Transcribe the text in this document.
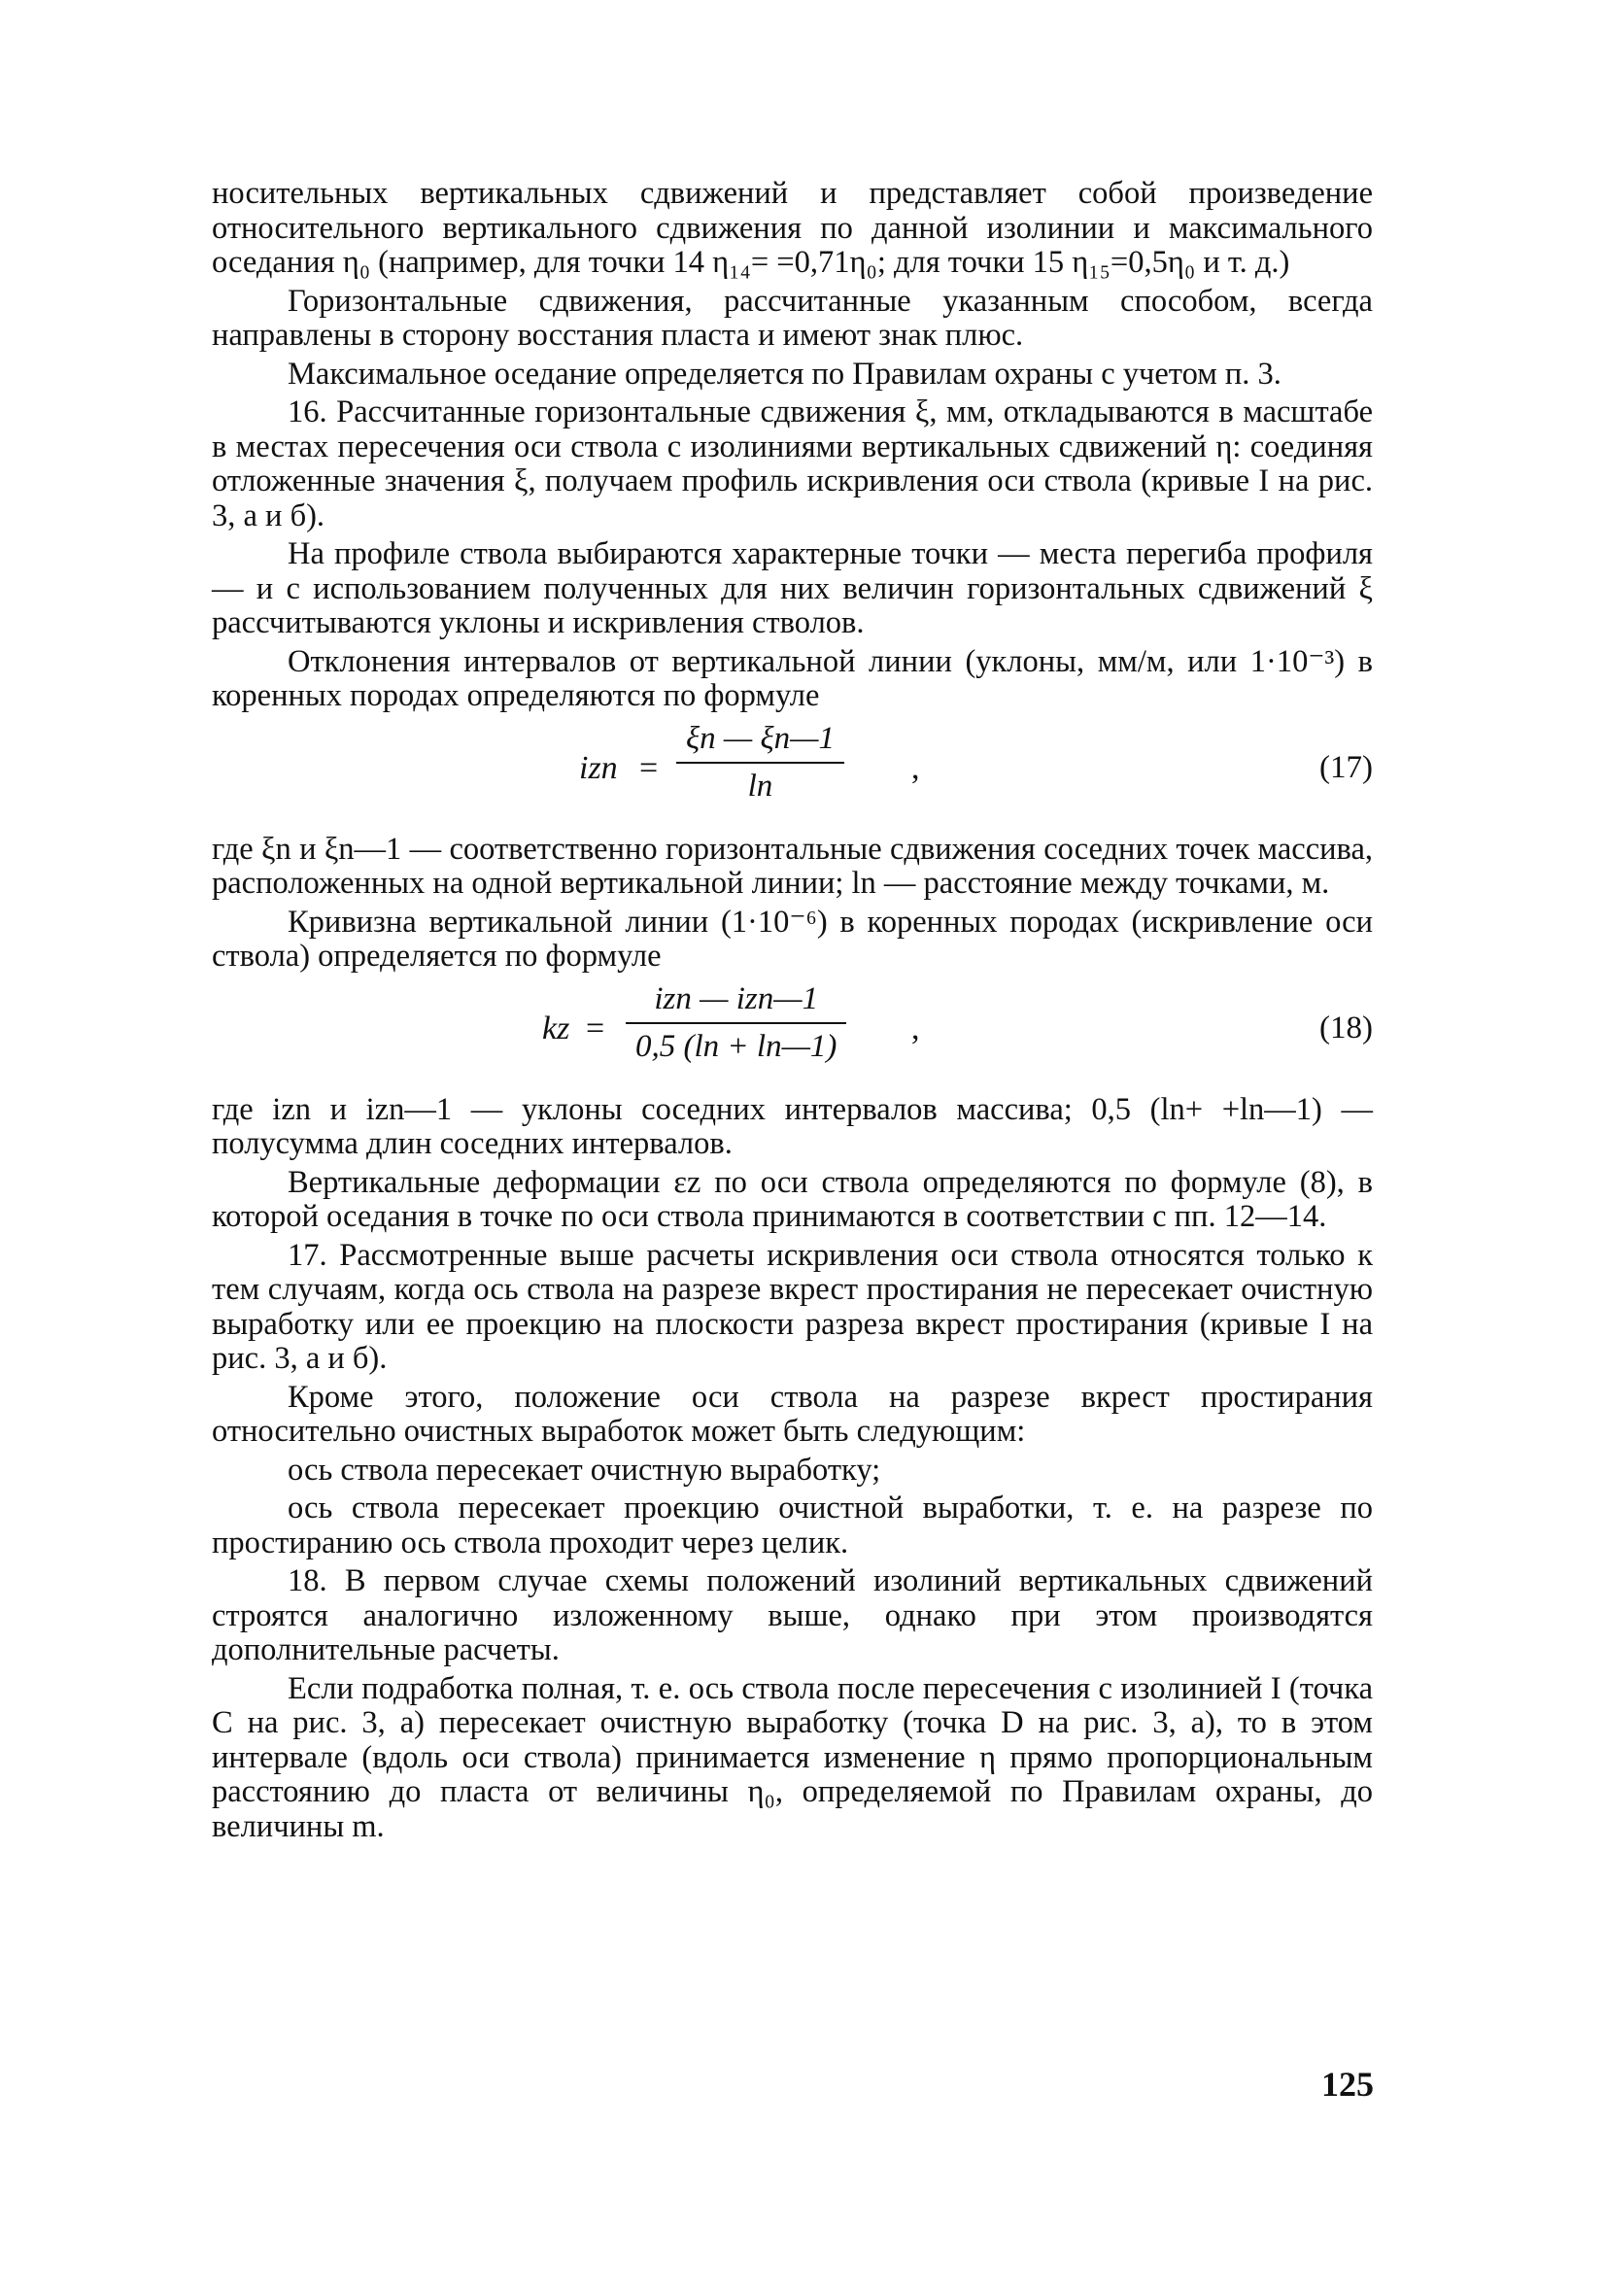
носительных вертикальных сдвижений и представляет собой произведение относительного вертикального сдвижения по данной изолинии и максимального оседания η₀ (например, для точки 14 η₁₄= =0,71η₀; для точки 15 η₁₅=0,5η₀ и т. д.)

Горизонтальные сдвижения, рассчитанные указанным способом, всегда направлены в сторону восстания пласта и имеют знак плюс.

Максимальное оседание определяется по Правилам охраны с учетом п. 3.

16. Рассчитанные горизонтальные сдвижения ξ, мм, откладываются в масштабе в местах пересечения оси ствола с изолиниями вертикальных сдвижений η: соединяя отложенные значения ξ, получаем профиль искривления оси ствола (кривые I на рис. 3, а и б).

На профиле ствола выбираются характерные точки — места перегиба профиля — и с использованием полученных для них величин горизонтальных сдвижений ξ рассчитываются уклоны и искривления стволов.

Отклонения интервалов от вертикальной линии (уклоны, мм/м, или 1·10⁻³) в коренных породах определяются по формуле

izn =
ξn — ξn—1
ln
,	(17)

где ξn и ξn—1 — соответственно горизонтальные сдвижения соседних точек массива, расположенных на одной вертикальной линии; ln — расстояние между точками, м.

Кривизна вертикальной линии (1·10⁻⁶) в коренных породах (искривление оси ствола) определяется по формуле

kz =
izn — izn—1
0,5 (ln + ln—1)
,	(18)

где izn и izn—1 — уклоны соседних интервалов массива; 0,5 (ln+ +ln—1) — полусумма длин соседних интервалов.

Вертикальные деформации εz по оси ствола определяются по формуле (8), в которой оседания в точке по оси ствола принимаются в соответствии с пп. 12—14.

17. Рассмотренные выше расчеты искривления оси ствола относятся только к тем случаям, когда ось ствола на разрезе вкрест простирания не пересекает очистную выработку или ее проекцию на плоскости разреза вкрест простирания (кривые I на рис. 3, а и б).

Кроме этого, положение оси ствола на разрезе вкрест простирания относительно очистных выработок может быть следующим:

ось ствола пересекает очистную выработку;

ось ствола пересекает проекцию очистной выработки, т. е. на разрезе по простиранию ось ствола проходит через целик.

18. В первом случае схемы положений изолиний вертикальных сдвижений строятся аналогично изложенному выше, однако при этом производятся дополнительные расчеты.

Если подработка полная, т. е. ось ствола после пересечения с изолинией I (точка С на рис. 3, а) пересекает очистную выработку (точка D на рис. 3, а), то в этом интервале (вдоль оси ствола) принимается изменение η прямо пропорциональным расстоянию до пласта от величины η₀, определяемой по Правилам охраны, до величины m.

125
